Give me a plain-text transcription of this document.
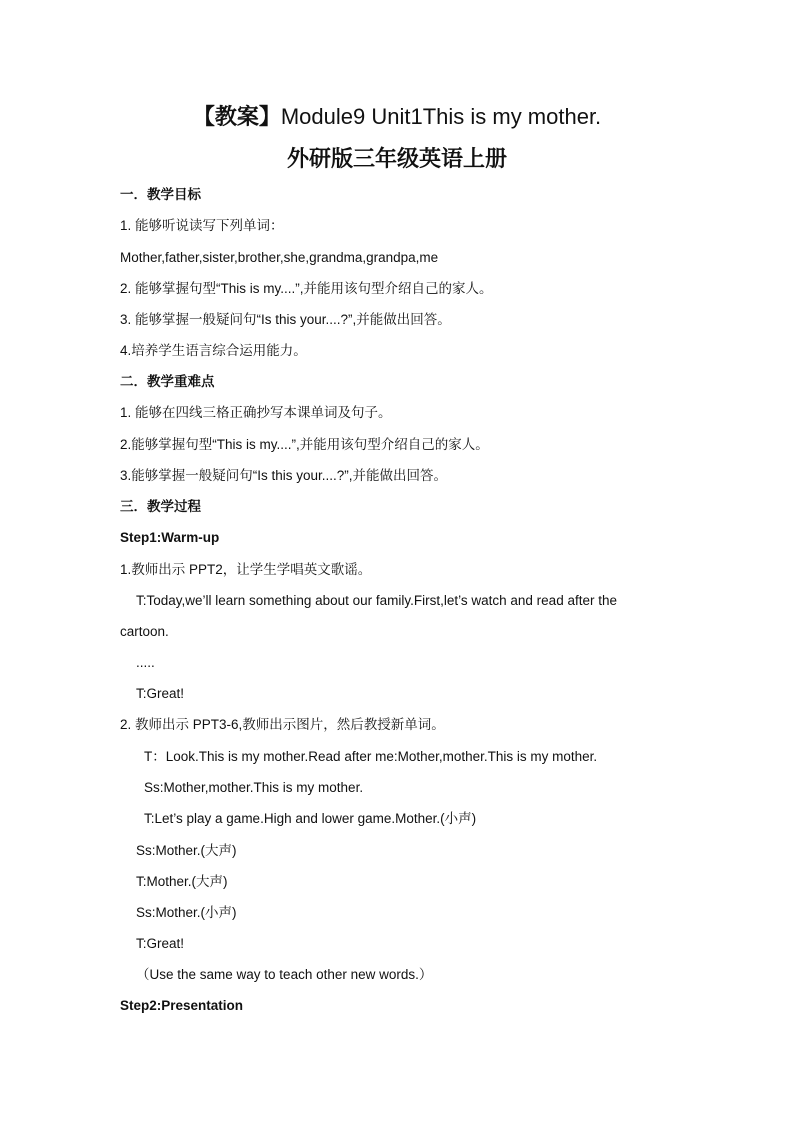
【教案】Module9 Unit1This is my mother.
外研版三年级英语上册
一．教学目标
1. 能够听说读写下列单词：
Mother,father,sister,brother,she,grandma,grandpa,me
2. 能够掌握句型“This is my....”,并能用该句型介绍自己的家人。
3. 能够掌握一般疑问句“Is this your....?”,并能做出回答。
4.培养学生语言综合运用能力。
二．教学重难点
1. 能够在四线三格正确抄写本课单词及句子。
2.能够掌握句型“This is my....”,并能用该句型介绍自己的家人。
3.能够掌握一般疑问句“Is this your....?”,并能做出回答。
三．教学过程
Step1:Warm-up
1.教师出示 PPT2，让学生学唱英文歌谣。
T:Today,we’ll learn something about our family.First,let’s watch and read after the
cartoon.
.....
T:Great!
2. 教师出示 PPT3-6,教师出示图片，然后教授新单词。
T：Look.This is my mother.Read after me:Mother,mother.This is my mother.
Ss:Mother,mother.This is my mother.
T:Let’s play a game.High and lower game.Mother.(小声)
Ss:Mother.(大声)
T:Mother.(大声)
Ss:Mother.(小声)
T:Great!
（Use the same way to teach other new words.）
Step2:Presentation
